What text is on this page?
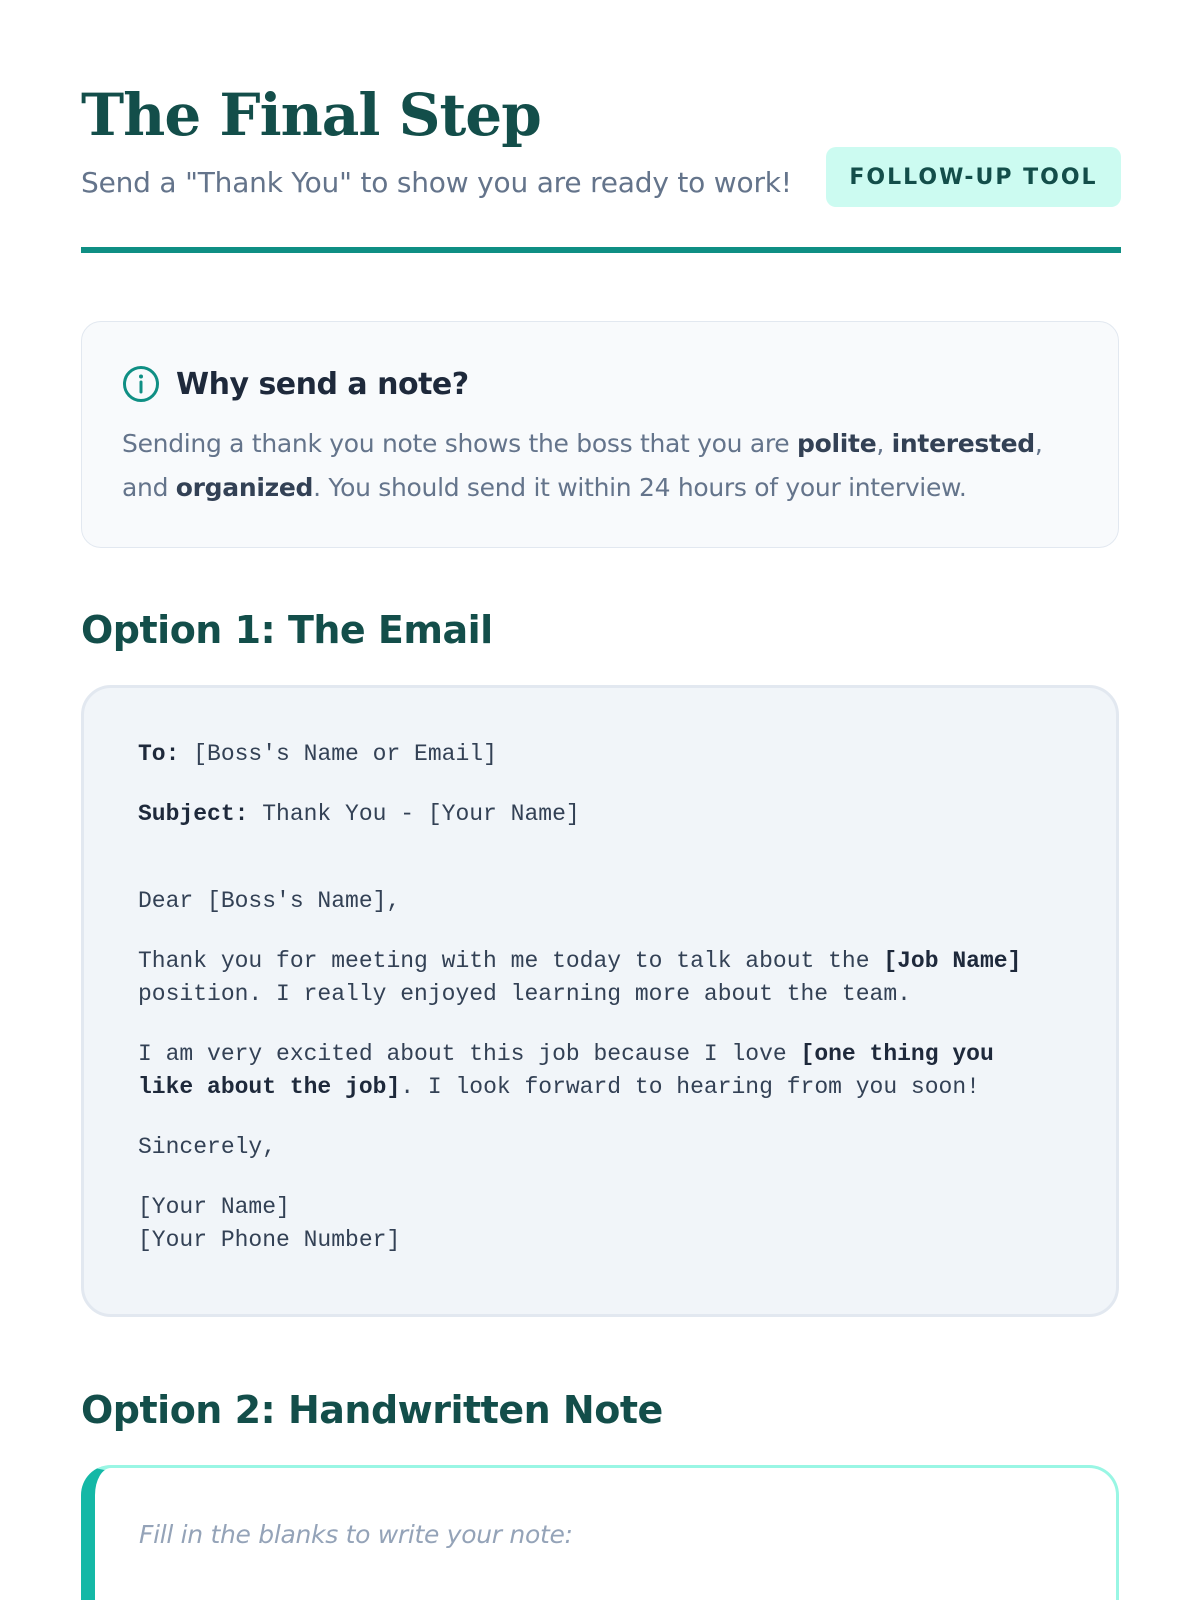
The Final Step

Send a "Thank You" to show you are ready to work!	FOLLOW-UP TOOL
Why send a note?

Sending a thank you note shows the boss that you are polite, interested, and organized. You should send it within 24 hours of your interview.

Option 1: The Email

To: [Boss's Name or Email]

Subject: Thank You - [Your Name]

Dear [Boss's Name],

Thank you for meeting with me today to talk about the [Job Name] position. I really enjoyed learning more about the team.

I am very excited about this job because I love [one thing you like about the job]. I look forward to hearing from you soon!

Sincerely,

[Your Name]

[Your Phone Number]

Option 2: Handwritten Note

Fill in the blanks to write your note:
